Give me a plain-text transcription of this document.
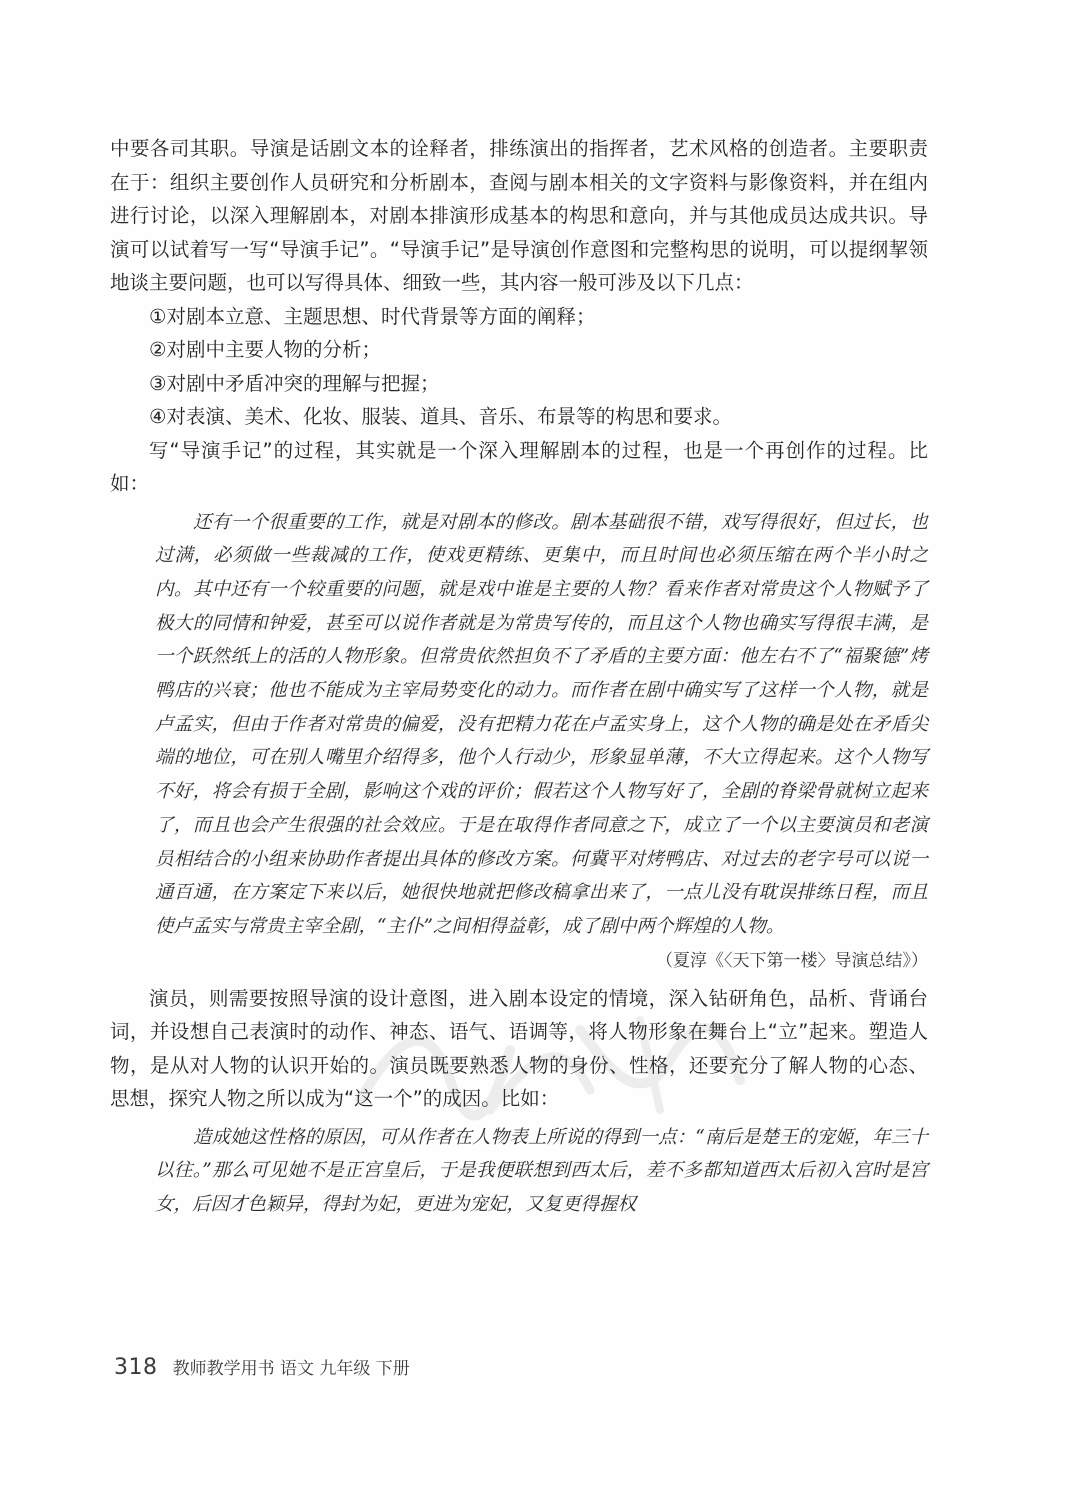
中要各司其职。导演是话剧文本的诠释者，排练演出的指挥者，艺术风格的创造者。主要职责在于：组织主要创作人员研究和分析剧本，查阅与剧本相关的文字资料与影像资料，并在组内进行讨论，以深入理解剧本，对剧本排演形成基本的构思和意向，并与其他成员达成共识。导演可以试着写一写“导演手记”。“导演手记”是导演创作意图和完整构思的说明，可以提纲挈领地谈主要问题，也可以写得具体、细致一些，其内容一般可涉及以下几点：

①对剧本立意、主题思想、时代背景等方面的阐释；

②对剧中主要人物的分析；

③对剧中矛盾冲突的理解与把握；

④对表演、美术、化妆、服装、道具、音乐、布景等的构思和要求。

写“导演手记”的过程，其实就是一个深入理解剧本的过程，也是一个再创作的过程。比如：

还有一个很重要的工作，就是对剧本的修改。剧本基础很不错，戏写得很好，但过长，也过满，必须做一些裁减的工作，使戏更精练、更集中，而且时间也必须压缩在两个半小时之内。其中还有一个较重要的问题，就是戏中谁是主要的人物？看来作者对常贵这个人物赋予了极大的同情和钟爱，甚至可以说作者就是为常贵写传的，而且这个人物也确实写得很丰满，是一个跃然纸上的活的人物形象。但常贵依然担负不了矛盾的主要方面：他左右不了“福聚德”烤鸭店的兴衰；他也不能成为主宰局势变化的动力。而作者在剧中确实写了这样一个人物，就是卢孟实，但由于作者对常贵的偏爱，没有把精力花在卢孟实身上，这个人物的确是处在矛盾尖端的地位，可在别人嘴里介绍得多，他个人行动少，形象显单薄，不大立得起来。这个人物写不好，将会有损于全剧，影响这个戏的评价；假若这个人物写好了，全剧的脊梁骨就树立起来了，而且也会产生很强的社会效应。于是在取得作者同意之下，成立了一个以主要演员和老演员相结合的小组来协助作者提出具体的修改方案。何冀平对烤鸭店、对过去的老字号可以说一通百通，在方案定下来以后，她很快地就把修改稿拿出来了，一点儿没有耽误排练日程，而且使卢孟实与常贵主宰全剧，“主仆”之间相得益彰，成了剧中两个辉煌的人物。

（夏淳《〈天下第一楼〉导演总结》）

演员，则需要按照导演的设计意图，进入剧本设定的情境，深入钻研角色，品析、背诵台词，并设想自己表演时的动作、神态、语气、语调等，将人物形象在舞台上“立”起来。塑造人物，是从对人物的认识开始的。演员既要熟悉人物的身份、性格，还要充分了解人物的心态、思想，探究人物之所以成为“这一个”的成因。比如：

造成她这性格的原因，可从作者在人物表上所说的得到一点：“南后是楚王的宠姬，年三十以往。”那么可见她不是正宫皇后，于是我便联想到西太后，差不多都知道西太后初入宫时是宫女，后因才色颖异，得封为妃，更进为宠妃，又复更得握权

318 教师教学用书 语文 九年级 下册
